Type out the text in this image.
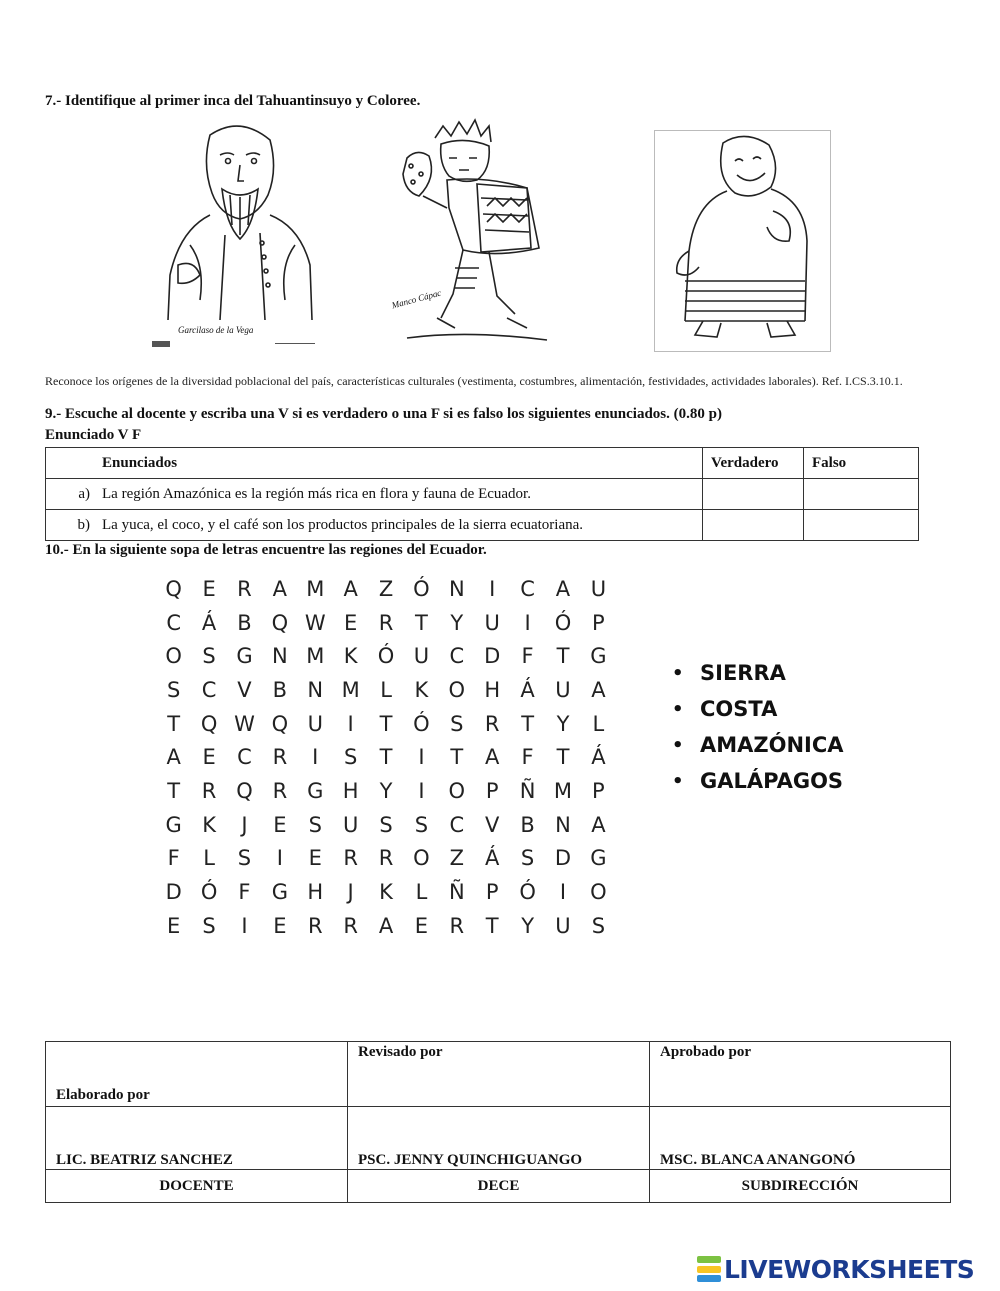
7.- Identifique al primer inca del Tahuantinsuyo y Coloree.
Garcilaso de la Vega
Manco Cápac
Reconoce los orígenes de la diversidad poblacional del país, características culturales (vestimenta, costumbres, alimentación, festividades, actividades laborales). Ref. I.CS.3.10.1.
9.- Escuche al docente y escriba una V si es verdadero o una F si es falso los siguientes enunciados. (0.80 p)
Enunciado V F
	Enunciados	Verdadero	Falso
a)	La región Amazónica es la región más rica en flora y fauna de Ecuador.		
b)	La yuca, el coco, y el café son los productos principales de la sierra ecuatoriana.		
10.- En la siguiente sopa de letras encuentre las regiones del Ecuador.
Q E	R A M A	Z Ó N	I	C A U
C Á	B Q W E	R	T	Y	U	I	Ó P
O S G N M K Ó U C D	F	T G
S	C V	B N M L	K O H Á U A
T Q W Q U	I	T Ó S	R	T	Y	L
A	E	C R	I	S	T	I	T	A	F	T	Á
T	R Q R G H	Y	I	O P	Ñ M P
G K	J	E	S	U	S	S	C V	B N A
F	L	S	I	E	R R O Z	Á	S D G
D Ó	F	G H	J	K	L	Ñ	P Ó	I	O
E	S	I	E	R R A	E	R	T	Y	U	S
• SIERRA
• COSTA
• AMAZÓNICA
• GALÁPAGOS
Elaborado por	Revisado por	Aprobado por
LIC. BEATRIZ SANCHEZ	PSC. JENNY QUINCHIGUANGO	MSC. BLANCA ANANGONÓ
DOCENTE	DECE	SUBDIRECCIÓN
LIVEWORKSHEETS
